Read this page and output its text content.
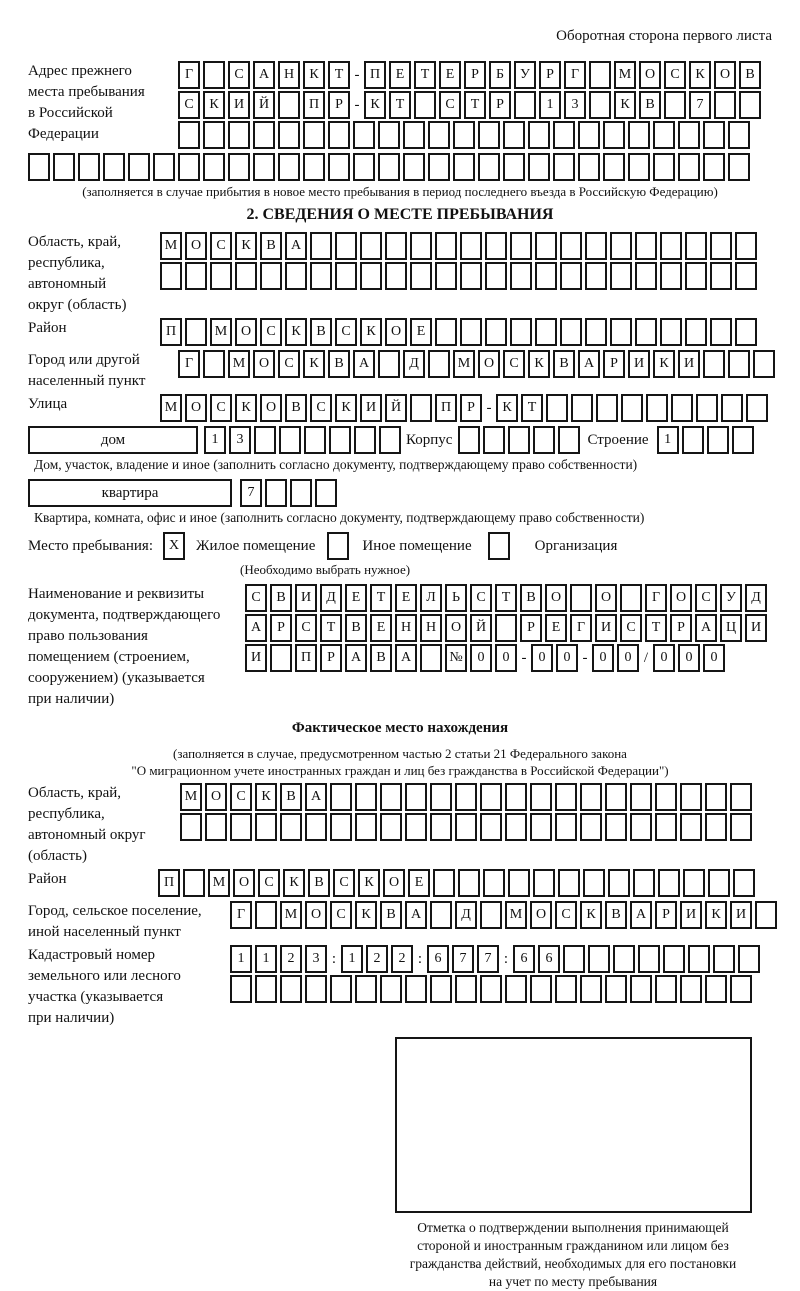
Оборотная сторона первого листа
Адрес прежнего
места пребывания
в Российской
Федерации
Г	С А Н К Т - П Е Т Е Р Б У Р Г	М О С К О В
С К И Й	П Р - К Т	С Т Р	1 3	К В	7
(заполняется в случае прибытия в новое место пребывания в период последнего въезда в Российскую Федерацию)
2. СВЕДЕНИЯ О МЕСТЕ ПРЕБЫВАНИЯ
Область, край,
республика,
автономный
округ (область)
М О С К В А
Район	П	М О С К В С К О Е
Город или другой
населенный пункт
Г	М О С К В А	Д	М О С К В А Р И К И
Улица	М О С К О В С К И Й	П Р - К Т
дом	1 3	Корпус	Строение 1
Дом, участок, владение и иное (заполнить согласно документу, подтверждающему право собственности)
квартира	7
Квартира, комната, офис и иное (заполнить согласно документу, подтверждающему право собственности)
Место пребывания: Х Жилое помещение	Иное помещение	Организация
(Необходимо выбрать нужное)
Наименование и реквизиты
документа, подтверждающего
право пользования
помещением (строением,
сооружением) (указывается
при наличии)
С В И Д Е Т Е Л Ь С Т В О	О	Г О С У Д
А Р С Т В Е Н Н О Й	Р Е Г И С Т Р А Ц И
И	П Р А В А	№ 0 0 - 0 0 - 0 0 / 0 0 0
Фактическое место нахождения
(заполняется в случае, предусмотренном частью 2 статьи 21 Федерального закона
"О миграционном учете иностранных граждан и лиц без гражданства в Российской Федерации")
Область, край,
республика,
автономный округ
(область)
М О С К В А
Район	П	М О С К В С К О Е
Город, сельское поселение,
иной населенный пункт
Г	М О С К В А	Д	М О С К В А Р И К И
Кадастровый номер
земельного или лесного
участка (указывается
при наличии)
1 1 2 3 : 1 2 2 : 6 7 7 : 6 6
Отметка о подтверждении выполнения принимающей
стороной и иностранным гражданином или лицом без
гражданства действий, необходимых для его постановки
на учет по месту пребывания
